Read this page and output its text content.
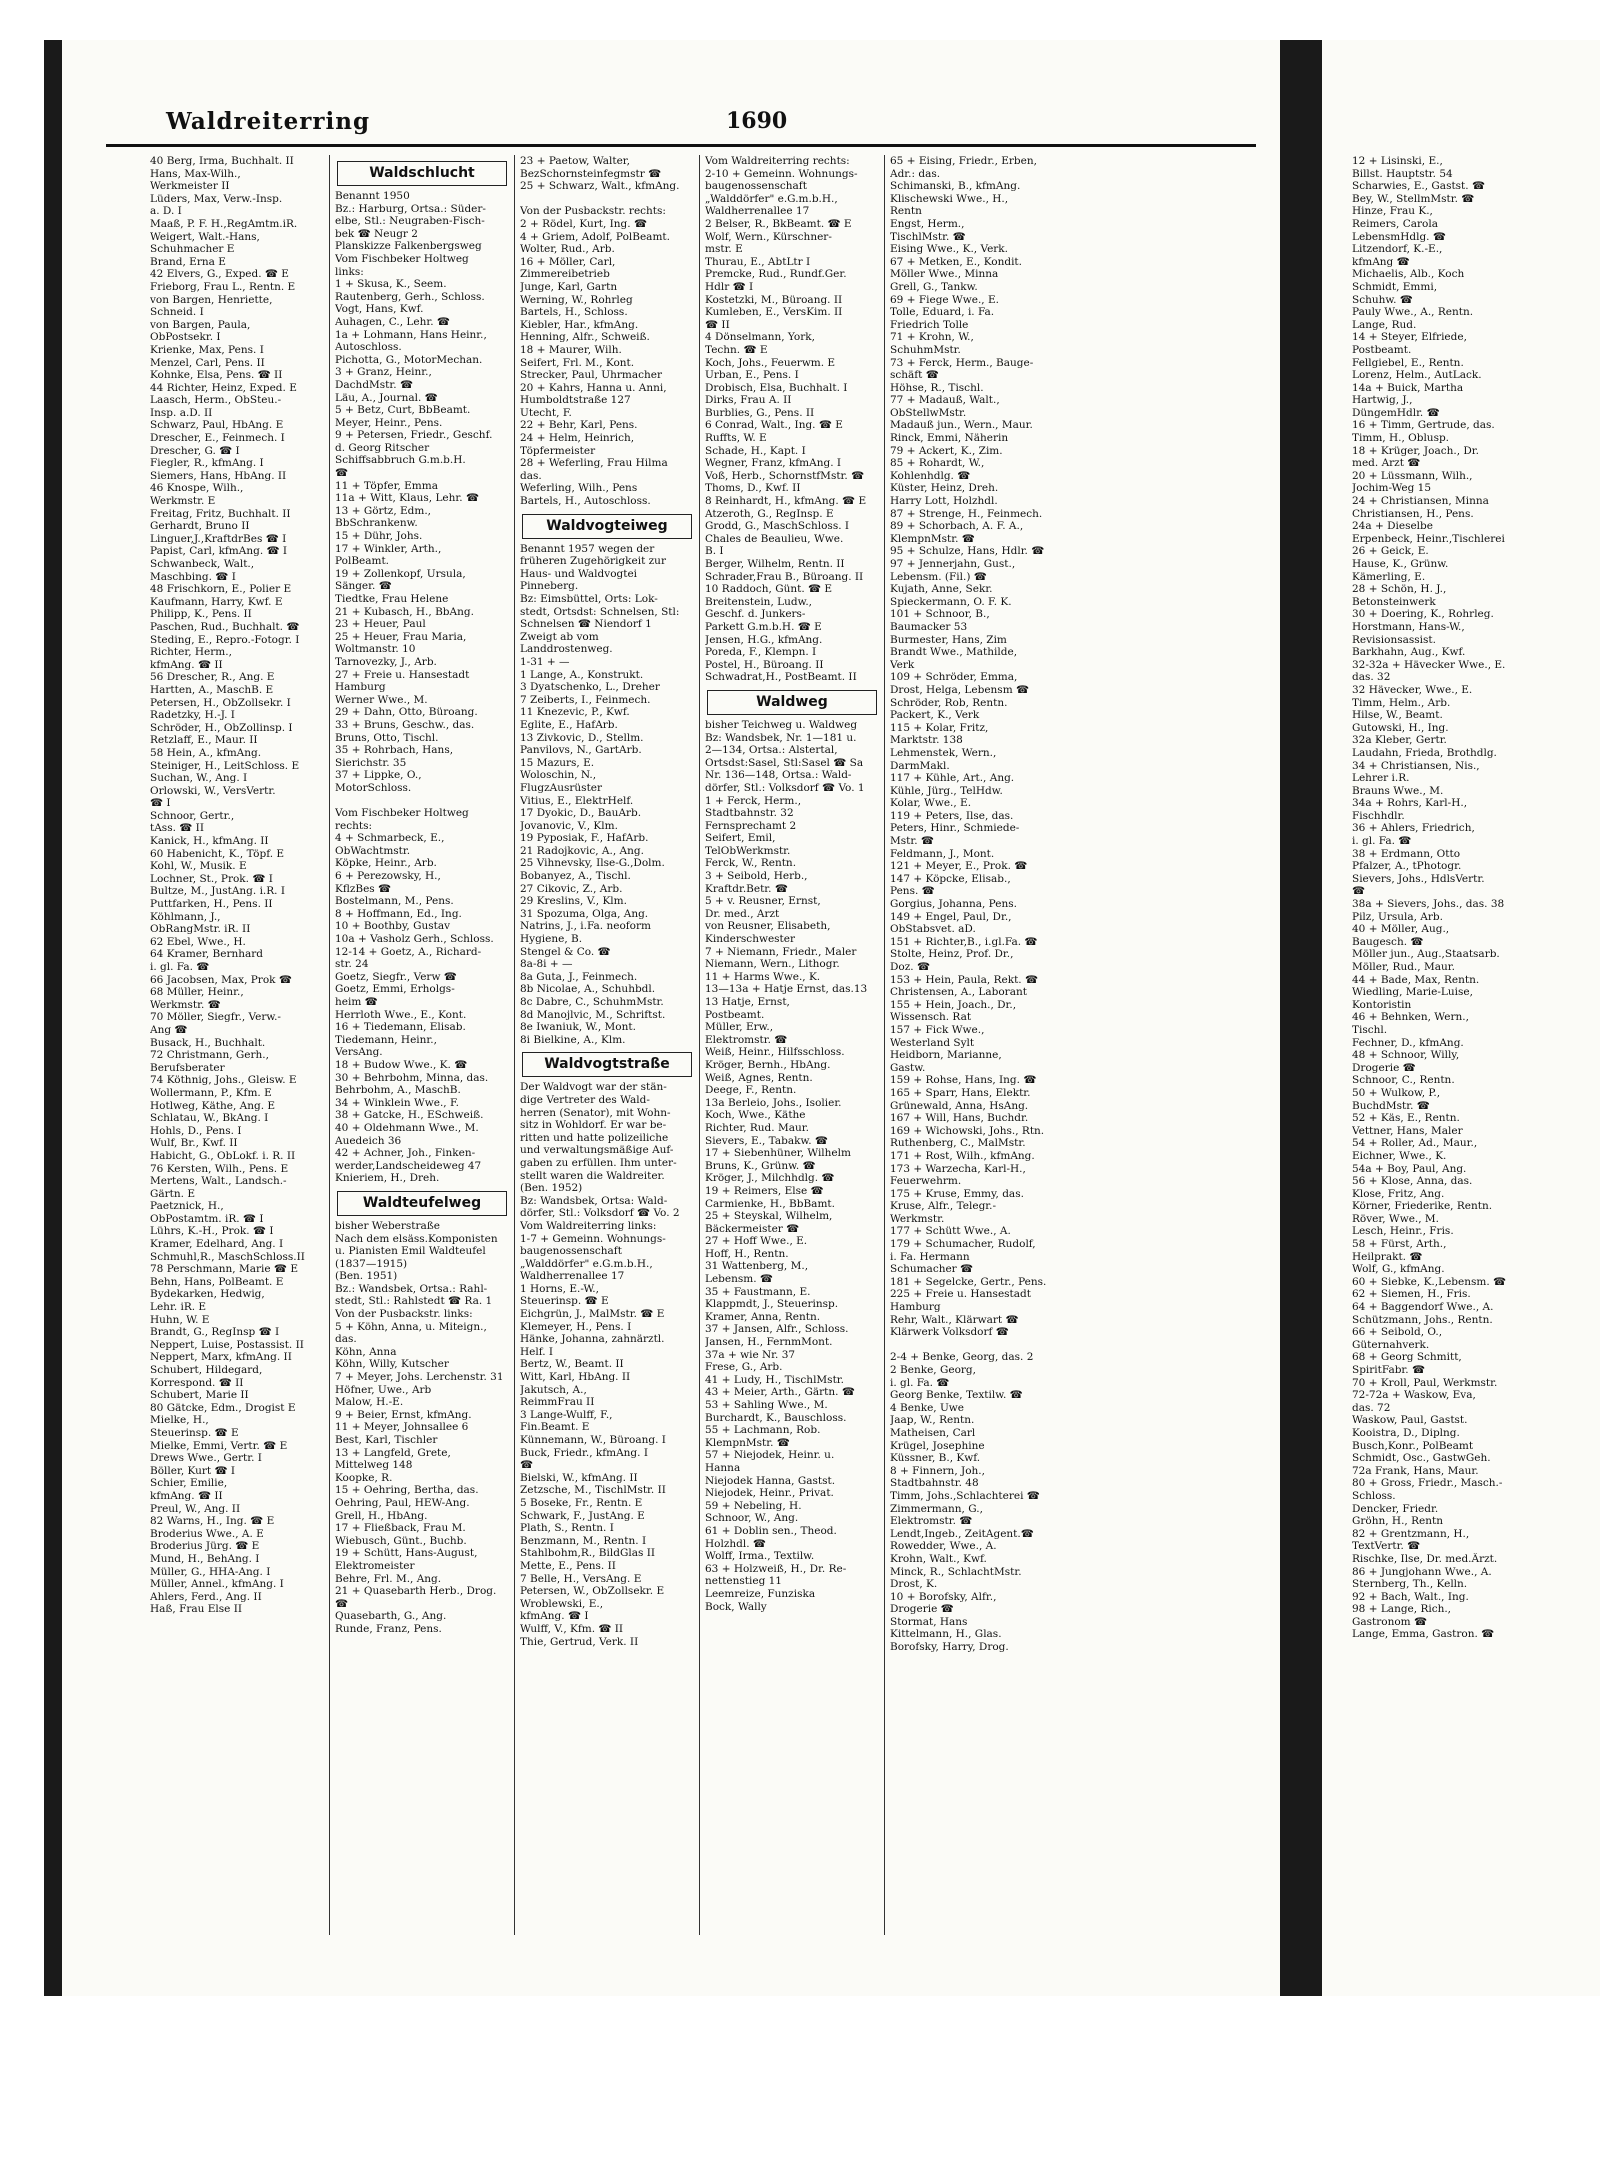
12 + Lisinski, E.,
Billst. Hauptstr. 54
Scharwies, E., Gastst. ☎
Bey, W., StellmMstr. ☎
Hinze, Frau K.,
Reimers, Carola
LebensmHdlg. ☎
Litzendorf, K.-E.,
kfmAng ☎
Michaelis, Alb., Koch
Schmidt, Emmi,
Schuhw. ☎
Pauly Wwe., A., Rentn.
Lange, Rud.
14 + Steyer, Elfriede,
Postbeamt.
Fellgiebel, E., Rentn.
Lorenz, Helm., AutLack.
14a + Buick, Martha
Hartwig, J.,
DüngemHdlr. ☎
16 + Timm, Gertrude, das.
Timm, H., Oblusp.
18 + Krüger, Joach., Dr.
med. Arzt ☎
20 + Lüssmann, Wilh.,
Jochim-Weg 15
24 + Christiansen, Minna
Christiansen, H., Pens.
24a + Dieselbe
Erpenbeck, Heinr.,Tischlerei
26 + Geick, E.
Hause, K., Grünw.
Kämerling, E.
28 + Schön, H. J.,
Betonsteinwerk
30 + Doering, K., Rohrleg.
Horstmann, Hans-W.,
Revisionsassist.
Barkhahn, Aug., Kwf.
32-32a + Hävecker Wwe., E.
das. 32
32 Hävecker, Wwe., E.
Timm, Helm., Arb.
Hilse, W., Beamt.
Gutowski, H., Ing.
32a Kleber, Gertr.
Laudahn, Frieda, Brothdlg.
34 + Christiansen, Nis.,
Lehrer i.R.
Brauns Wwe., M.
34a + Rohrs, Karl-H.,
Fischhdlr.
36 + Ahlers, Friedrich,
i. gl. Fa. ☎
38 + Erdmann, Otto
Pfalzer, A., tPhotogr.
Sievers, Johs., HdlsVertr.
☎
38a + Sievers, Johs., das. 38
Pilz, Ursula, Arb.
40 + Möller, Aug.,
Baugesch. ☎
Möller jun., Aug.,Staatsarb.
Möller, Rud., Maur.
44 + Bade, Max, Rentn.
Wiedling, Marie-Luise,
Kontoristin
46 + Behnken, Wern.,
Tischl.
Fechner, D., kfmAng.
48 + Schnoor, Willy,
Drogerie ☎
Schnoor, C., Rentn.
50 + Wulkow, P.,
BuchdMstr. ☎
52 + Käs, E., Rentn.
Vettner, Hans, Maler
54 + Roller, Ad., Maur.,
Eichner, Wwe., K.
54a + Boy, Paul, Ang.
56 + Klose, Anna, das.
Klose, Fritz, Ang.
Körner, Friederike, Rentn.
Röver, Wwe., M.
Lesch, Heinr., Fris.
58 + Fürst, Arth.,
Heilprakt. ☎
Wolf, G., kfmAng.
60 + Siebke, K.,Lebensm. ☎
62 + Siemen, H., Fris.
64 + Baggendorf Wwe., A.
Schützmann, Johs., Rentn.
66 + Seibold, O.,
Güternahverk.
68 + Georg Schmitt,
SpiritFabr. ☎
70 + Kroll, Paul, Werkmstr.
72-72a + Waskow, Eva,
das. 72
Waskow, Paul, Gastst.
Kooistra, D., Diplng.
Busch,Konr., PolBeamt
Schmidt, Osc., GastwGeh.
72a Frank, Hans, Maur.
80 + Gross, Friedr., Masch.-
Schloss.
Dencker, Friedr.
Gröhn, H., Rentn
82 + Grentzmann, H.,
TextVertr. ☎
Rischke, Ilse, Dr. med.Ärzt.
86 + Jungjohann Wwe., A.
Sternberg, Th., Kelln.
92 + Bach, Walt., Ing.
98 + Lange, Rich.,
Gastronom ☎
Lange, Emma, Gastron. ☎
Waldreiterring	1690
40 Berg, Irma, Buchhalt. II
Hans, Max-Wilh.,
Werkmeister II
Lüders, Max, Verw.-Insp.
a. D. I
Maaß, P. F. H.,RegAmtm.iR.
Weigert, Walt.-Hans,
Schuhmacher E
Brand, Erna E
42 Elvers, G., Exped. ☎ E
Frieborg, Frau L., Rentn. E
von Bargen, Henriette,
Schneid. I
von Bargen, Paula,
ObPostsekr. I
Krienke, Max, Pens. I
Menzel, Carl, Pens. II
Kohnke, Elsa, Pens. ☎ II
44 Richter, Heinz, Exped. E
Laasch, Herm., ObSteu.-
Insp. a.D. II
Schwarz, Paul, HbAng. E
Drescher, E., Feinmech. I
Drescher, G. ☎ I
Fiegler, R., kfmAng. I
Siemers, Hans, HbAng. II
46 Knospe, Wilh.,
Werkmstr. E
Freitag, Fritz, Buchhalt. II
Gerhardt, Bruno II
Linguer,J.,KraftdrBes ☎ I
Papist, Carl, kfmAng. ☎ I
Schwanbeck, Walt.,
Maschbing. ☎ I
48 Frischkorn, E., Polier E
Kaufmann, Harry, Kwf. E
Philipp, K., Pens. II
Paschen, Rud., Buchhalt. ☎
Steding, E., Repro.-Fotogr. I
Richter, Herm.,
kfmAng. ☎ II
56 Drescher, R., Ang. E
Hartten, A., MaschB. E
Petersen, H., ObZollsekr. I
Radetzky, H.-J. I
Schröder, H., ObZollinsp. I
Retzlaff, E., Maur. II
58 Hein, A., kfmAng.
Steiniger, H., LeitSchloss. E
Suchan, W., Ang. I
Orlowski, W., VersVertr.
☎ I
Schnoor, Gertr.,
tAss. ☎ II
Kanick, H., kfmAng. II
60 Habenicht, K., Töpf. E
Kohl, W., Musik. E
Lochner, St., Prok. ☎ I
Bultze, M., JustAng. i.R. I
Puttfarken, H., Pens. II
Köhlmann, J.,
ObRangMstr. iR. II
62 Ebel, Wwe., H.
64 Kramer, Bernhard
i. gl. Fa. ☎
66 Jacobsen, Max, Prok ☎
68 Müller, Heinr.,
Werkmstr. ☎
70 Möller, Siegfr., Verw.-
Ang ☎
Busack, H., Buchhalt.
72 Christmann, Gerh.,
Berufsberater
74 Köthnig, Johs., Gleisw. E
Wollermann, P., Kfm. E
Hotlweg, Käthe, Ang. E
Schlatau, W., BkAng. I
Hohls, D., Pens. I
Wulf, Br., Kwf. II
Habicht, G., ObLokf. i. R. II
76 Kersten, Wilh., Pens. E
Mertens, Walt., Landsch.-
Gärtn. E
Paetznick, H.,
ObPostamtm. iR. ☎ I
Lührs, K.-H., Prok. ☎ I
Kramer, Edelhard, Ang. I
Schmuhl,R., MaschSchloss.II
78 Perschmann, Marie ☎ E
Behn, Hans, PolBeamt. E
Bydekarken, Hedwig,
Lehr. iR. E
Huhn, W. E
Brandt, G., RegInsp ☎ I
Neppert, Luise, Postassist. II
Neppert, Marx, kfmAng. II
Schubert, Hildegard,
Korrespond. ☎ II
Schubert, Marie II
80 Gätcke, Edm., Drogist E
Mielke, H.,
Steuerinsp. ☎ E
Mielke, Emmi, Vertr. ☎ E
Drews Wwe., Gertr. I
Böller, Kurt ☎ I
Schier, Emilie,
kfmAng. ☎ II
Preul, W., Ang. II
82 Warns, H., Ing. ☎ E
Broderius Wwe., A. E
Broderius Jürg. ☎ E
Mund, H., BehAng. I
Müller, G., HHA-Ang. I
Müller, Annel., kfmAng. I
Ahlers, Ferd., Ang. II
Haß, Frau Else II
Waldschlucht
Benannt 1950
Bz.: Harburg, Ortsa.: Süder-
elbe, Stl.: Neugraben-Fisch-
bek ☎ Neugr 2
Planskizze Falkenbergsweg
Vom Fischbeker Holtweg
links:
1 + Skusa, K., Seem.
Rautenberg, Gerh., Schloss.
Vogt, Hans, Kwf.
Auhagen, C., Lehr. ☎
1a + Lohmann, Hans Heinr.,
Autoschloss.
Pichotta, G., MotorMechan.
3 + Granz, Heinr.,
DachdMstr. ☎
Läu, A., Journal. ☎
5 + Betz, Curt, BbBeamt.
Meyer, Heinr., Pens.
9 + Petersen, Friedr., Geschf.
d. Georg Ritscher
Schiffsabbruch G.m.b.H.
☎
11 + Töpfer, Emma
11a + Witt, Klaus, Lehr. ☎
13 + Görtz, Edm.,
BbSchrankenw.
15 + Dühr, Johs.
17 + Winkler, Arth.,
PolBeamt.
19 + Zollenkopf, Ursula,
Sänger. ☎
Tiedtke, Frau Helene
21 + Kubasch, H., BbAng.
23 + Heuer, Paul
25 + Heuer, Frau Maria,
Woltmanstr. 10
Tarnovezky, J., Arb.
27 + Freie u. Hansestadt
Hamburg
Werner Wwe., M.
29 + Dahn, Otto, Büroang.
33 + Bruns, Geschw., das.
Bruns, Otto, Tischl.
35 + Rohrbach, Hans,
Sierichstr. 35
37 + Lippke, O.,
MotorSchloss.

Vom Fischbeker Holtweg
rechts:
4 + Schmarbeck, E.,
ObWachtmstr.
Köpke, Heinr., Arb.
6 + Perezowsky, H.,
KflzBes ☎
Bostelmann, M., Pens.
8 + Hoffmann, Ed., Ing.
10 + Boothby, Gustav
10a + Vasholz Gerh., Schloss.
12-14 + Goetz, A., Richard-
str. 24
Goetz, Siegfr., Verw ☎
Goetz, Emmi, Erholgs-
heim ☎
Herrloth Wwe., E., Kont.
16 + Tiedemann, Elisab.
Tiedemann, Heinr.,
VersAng.
18 + Budow Wwe., K. ☎
30 + Behrbohm, Minna, das.
Behrbohm, A., MaschB.
34 + Winklein Wwe., F.
38 + Gatcke, H., ESchweiß.
40 + Oldehmann Wwe., M.
Auedeich 36
42 + Achner, Joh., Finken-
werder,Landscheideweg 47
Knieriem, H., Dreh.
Waldteufelweg
bisher Weberstraße
Nach dem elsäss.Komponisten
u. Pianisten Emil Waldteufel
(1837—1915)
(Ben. 1951)
Bz.: Wandsbek, Ortsa.: Rahl-
stedt, Stl.: Rahlstedt ☎ Ra. 1
Von der Pusbackstr. links:
5 + Köhn, Anna, u. Miteign.,
das.
Köhn, Anna
Köhn, Willy, Kutscher
7 + Meyer, Johs. Lerchenstr. 31
Höfner, Uwe., Arb
Malow, H.-E.
9 + Beier, Ernst, kfmAng.
11 + Meyer, Johnsallee 6
Best, Karl, Tischler
13 + Langfeld, Grete,
Mittelweg 148
Koopke, R.
15 + Oehring, Bertha, das.
Oehring, Paul, HEW-Ang.
Grell, H., HbAng.
17 + Fließback, Frau M.
Wiebusch, Günt., Buchb.
19 + Schütt, Hans-August,
Elektromeister
Behre, Frl. M., Ang.
21 + Quasebarth Herb., Drog.
☎
Quasebarth, G., Ang.
Runde, Franz, Pens.
23 + Paetow, Walter,
BezSchornsteinfegmstr ☎
25 + Schwarz, Walt., kfmAng.

Von der Pusbackstr. rechts:
2 + Rödel, Kurt, Ing. ☎
4 + Griem, Adolf, PolBeamt.
Wolter, Rud., Arb.
16 + Möller, Carl,
Zimmereibetrieb
Junge, Karl, Gartn
Werning, W., Rohrleg
Bartels, H., Schloss.
Kiebler, Har., kfmAng.
Henning, Alfr., Schweiß.
18 + Maurer, Wilh.
Seifert, Frl. M., Kont.
Strecker, Paul, Uhrmacher
20 + Kahrs, Hanna u. Anni,
Humboldtstraße 127
Utecht, F.
22 + Behr, Karl, Pens.
24 + Helm, Heinrich,
Töpfermeister
28 + Weferling, Frau Hilma
das.
Weferling, Wilh., Pens
Bartels, H., Autoschloss.
Waldvogteiweg
Benannt 1957 wegen der
früheren Zugehörigkeit zur
Haus- und Waldvogtei
Pinneberg.
Bz: Eimsbüttel, Orts: Lok-
stedt, Ortsdst: Schnelsen, Stl:
Schnelsen ☎ Niendorf 1
Zweigt ab vom
Landdrostenweg.
1-31 + —
1 Lange, A., Konstrukt.
3 Dyatschenko, L., Dreher
7 Zeiberts, I., Feinmech.
11 Knezevic, P., Kwf.
Eglite, E., HafArb.
13 Zivkovic, D., Stellm.
Panvilovs, N., GartArb.
15 Mazurs, E.
Woloschin, N.,
FlugzAusrüster
Vitius, E., ElektrHelf.
17 Dyokic, D., BauArb.
Jovanovic, V., Klm.
19 Pyposiak, F., HafArb.
21 Radojkovic, A., Ang.
25 Vihnevsky, Ilse-G.,Dolm.
Bobanyez, A., Tischl.
27 Cikovic, Z., Arb.
29 Kreslins, V., Klm.
31 Spozuma, Olga, Ang.
Natrins, J., i.Fa. neoform
Hygiene, B.
Stengel & Co. ☎
8a-8i + —
8a Guta, J., Feinmech.
8b Nicolae, A., Schuhbdl.
8c Dabre, C., SchuhmMstr.
8d Manojlvic, M., Schriftst.
8e Iwaniuk, W., Mont.
8i Bielkine, A., Klm.
Waldvogtstraße
Der Waldvogt war der stän-
dige Vertreter des Wald-
herren (Senator), mit Wohn-
sitz in Wohldorf. Er war be-
ritten und hatte polizeiliche
und verwaltungsmäßige Auf-
gaben zu erfüllen. Ihm unter-
stellt waren die Waldreiter.
(Ben. 1952)
Bz: Wandsbek, Ortsa: Wald-
dörfer, Stl.: Volksdorf ☎ Vo. 2
Vom Waldreiterring links:
1-7 + Gemeinn. Wohnungs-
baugenossenschaft
„Walddörfer" e.G.m.b.H.,
Waldherrenallee 17
1 Horns, E.-W.,
Steuerinsp. ☎ E
Eichgrün, J., MalMstr. ☎ E
Klemeyer, H., Pens. I
Hänke, Johanna, zahnärztl.
Helf. I
Bertz, W., Beamt. II
Witt, Karl, HbAng. II
Jakutsch, A.,
ReimmFrau II
3 Lange-Wulff, F.,
Fin.Beamt. E
Künnemann, W., Büroang. I
Buck, Friedr., kfmAng. I
☎
Bielski, W., kfmAng. II
Zetzsche, M., TischlMstr. II
5 Boseke, Fr., Rentn. E
Schwark, F., JustAng. E
Plath, S., Rentn. I
Benzmann, M., Rentn. I
Stahlbohm,R., BildGlas II
Mette, E., Pens. II
7 Belle, H., VersAng. E
Petersen, W., ObZollsekr. E
Wroblewski, E.,
kfmAng. ☎ I
Wulff, V., Kfm. ☎ II
Thie, Gertrud, Verk. II
Vom Waldreiterring rechts:
2-10 + Gemeinn. Wohnungs-
baugenossenschaft
„Walddörfer" e.G.m.b.H.,
Waldherrenallee 17
2 Belser, R., BkBeamt. ☎ E
Wolf, Wern., Kürschner-
mstr. E
Thurau, E., AbtLtr I
Premcke, Rud., Rundf.Ger.
Hdlr ☎ I
Kostetzki, M., Büroang. II
Kumleben, E., VersKim. II
☎ II
4 Dönselmann, York,
Techn. ☎ E
Koch, Johs., Feuerwm. E
Urban, E., Pens. I
Drobisch, Elsa, Buchhalt. I
Dirks, Frau A. II
Burblies, G., Pens. II
6 Conrad, Walt., Ing. ☎ E
Ruffts, W. E
Schade, H., Kapt. I
Wegner, Franz, kfmAng. I
Voß, Herb., SchornstfMstr. ☎
Thoms, D., Kwf. II
8 Reinhardt, H., kfmAng. ☎ E
Atzeroth, G., RegInsp. E
Grodd, G., MaschSchloss. I
Chales de Beaulieu, Wwe.
B. I
Berger, Wilhelm, Rentn. II
Schrader,Frau B., Büroang. II
10 Raddoch, Günt. ☎ E
Breitenstein, Ludw.,
Geschf. d. Junkers-
Parkett G.m.b.H. ☎ E
Jensen, H.G., kfmAng.
Poreda, F., Klempn. I
Postel, H., Büroang. II
Schwadrat,H., PostBeamt. II
Waldweg
bisher Teichweg u. Waldweg
Bz: Wandsbek, Nr. 1—181 u.
2—134, Ortsa.: Alstertal,
Ortsdst:Sasel, Stl:Sasel ☎ Sa
Nr. 136—148, Ortsa.: Wald-
dörfer, Stl.: Volksdorf ☎ Vo. 1
1 + Ferck, Herm.,
Stadtbahnstr. 32
Fernsprechamt 2
Seifert, Emil,
TelObWerkmstr.
Ferck, W., Rentn.
3 + Seibold, Herb.,
Kraftdr.Betr. ☎
5 + v. Reusner, Ernst,
Dr. med., Arzt
von Reusner, Elisabeth,
Kinderschwester
7 + Niemann, Friedr., Maler
Niemann, Wern., Lithogr.
11 + Harms Wwe., K.
13—13a + Hatje Ernst, das.13
13 Hatje, Ernst,
Postbeamt.
Müller, Erw.,
Elektromstr. ☎
Weiß, Heinr., Hilfsschloss.
Kröger, Bernh., HbAng.
Weiß, Agnes, Rentn.
Deege, F., Rentn.
13a Berleio, Johs., Isolier.
Koch, Wwe., Käthe
Richter, Rud. Maur.
Sievers, E., Tabakw. ☎
17 + Siebenhüner, Wilhelm
Bruns, K., Grünw. ☎
Kröger, J., Milchhdlg. ☎
19 + Reimers, Else ☎
Carmienke, H., BbBamt.
25 + Steyskal, Wilhelm,
Bäckermeister ☎
27 + Hoff Wwe., E.
Hoff, H., Rentn.
31 Wattenberg, M.,
Lebensm. ☎
35 + Faustmann, E.
Klappmdt, J., Steuerinsp.
Kramer, Anna, Rentn.
37 + Jansen, Alfr., Schloss.
Jansen, H., FernmMont.
37a + wie Nr. 37
Frese, G., Arb.
41 + Ludy, H., TischlMstr.
43 + Meier, Arth., Gärtn. ☎
53 + Sahling Wwe., M.
Burchardt, K., Bauschloss.
55 + Lachmann, Rob.
KlempnMstr. ☎
57 + Niejodek, Heinr. u.
Hanna
Niejodek Hanna, Gastst.
Niejodek, Heinr., Privat.
59 + Nebeling, H.
Schnoor, W., Ang.
61 + Doblin sen., Theod.
Holzhdl. ☎
Wolff, Irma., Textilw.
63 + Holzweiß, H., Dr. Re-
nettenstieg 11
Leemreize, Funziska
Bock, Wally
65 + Eising, Friedr., Erben,
Adr.: das.
Schimanski, B., kfmAng.
Klischewski Wwe., H.,
Rentn
Engst, Herm.,
TischlMstr. ☎
Eising Wwe., K., Verk.
67 + Metken, E., Kondit.
Möller Wwe., Minna
Grell, G., Tankw.
69 + Fiege Wwe., E.
Tolle, Eduard, i. Fa.
Friedrich Tolle
71 + Krohn, W.,
SchuhmMstr.
73 + Ferck, Herm., Bauge-
schäft ☎
Höhse, R., Tischl.
77 + Madauß, Walt.,
ObStellwMstr.
Madauß jun., Wern., Maur.
Rinck, Emmi, Näherin
79 + Ackert, K., Zim.
85 + Rohardt, W.,
Kohlenhdlg. ☎
Küster, Heinz, Dreh.
Harry Lott, Holzhdl.
87 + Strenge, H., Feinmech.
89 + Schorbach, A. F. A.,
KlempnMstr. ☎
95 + Schulze, Hans, Hdlr. ☎
97 + Jennerjahn, Gust.,
Lebensm. (Fil.) ☎
Kujath, Anne, Sekr.
Spieckermann, O. F. K.
101 + Schnoor, B.,
Baumacker 53
Burmester, Hans, Zim
Brandt Wwe., Mathilde,
Verk
109 + Schröder, Emma,
Drost, Helga, Lebensm ☎
Schröder, Rob, Rentn.
Packert, K., Verk
115 + Kolar, Fritz,
Marktstr. 138
Lehmenstek, Wern.,
DarmMakl.
117 + Kühle, Art., Ang.
Kühle, Jürg., TelHdw.
Kolar, Wwe., E.
119 + Peters, Ilse, das.
Peters, Hinr., Schmiede-
Mstr. ☎
Feldmann, J., Mont.
121 + Meyer, E., Prok. ☎
147 + Köpcke, Elisab.,
Pens. ☎
Gorgius, Johanna, Pens.
149 + Engel, Paul, Dr.,
ObStabsvet. aD.
151 + Richter,B., i.gl.Fa. ☎
Stolte, Heinz, Prof. Dr.,
Doz. ☎
153 + Hein, Paula, Rekt. ☎
Christensen, A., Laborant
155 + Hein, Joach., Dr.,
Wissensch. Rat
157 + Fick Wwe.,
Westerland Sylt
Heidborn, Marianne,
Gastw.
159 + Rohse, Hans, Ing. ☎
165 + Sparr, Hans, Elektr.
Grünewald, Anna, HsAng.
167 + Will, Hans, Buchdr.
169 + Wichowski, Johs., Rtn.
Ruthenberg, C., MalMstr.
171 + Rost, Wilh., kfmAng.
173 + Warzecha, Karl-H.,
Feuerwehrm.
175 + Kruse, Emmy, das.
Kruse, Alfr., Telegr.-
Werkmstr.
177 + Schütt Wwe., A.
179 + Schumacher, Rudolf,
i. Fa. Hermann
Schumacher ☎
181 + Segelcke, Gertr., Pens.
225 + Freie u. Hansestadt
Hamburg
Rehr, Walt., Klärwart ☎
Klärwerk Volksdorf ☎

2-4 + Benke, Georg, das. 2
2 Benke, Georg,
i. gl. Fa. ☎
Georg Benke, Textilw. ☎
4 Benke, Uwe
Jaap, W., Rentn.
Matheisen, Carl
Krügel, Josephine
Küssner, B., Kwf.
8 + Finnern, Joh.,
Stadtbahnstr. 48
Timm, Johs.,Schlachterei ☎
Zimmermann, G.,
Elektromstr. ☎
Lendt,Ingeb., ZeitAgent.☎
Rowedder, Wwe., A.
Krohn, Walt., Kwf.
Minck, R., SchlachtMstr.
Drost, K.
10 + Borofsky, Alfr.,
Drogerie ☎
Stormat, Hans
Kittelmann, H., Glas.
Borofsky, Harry, Drog.
